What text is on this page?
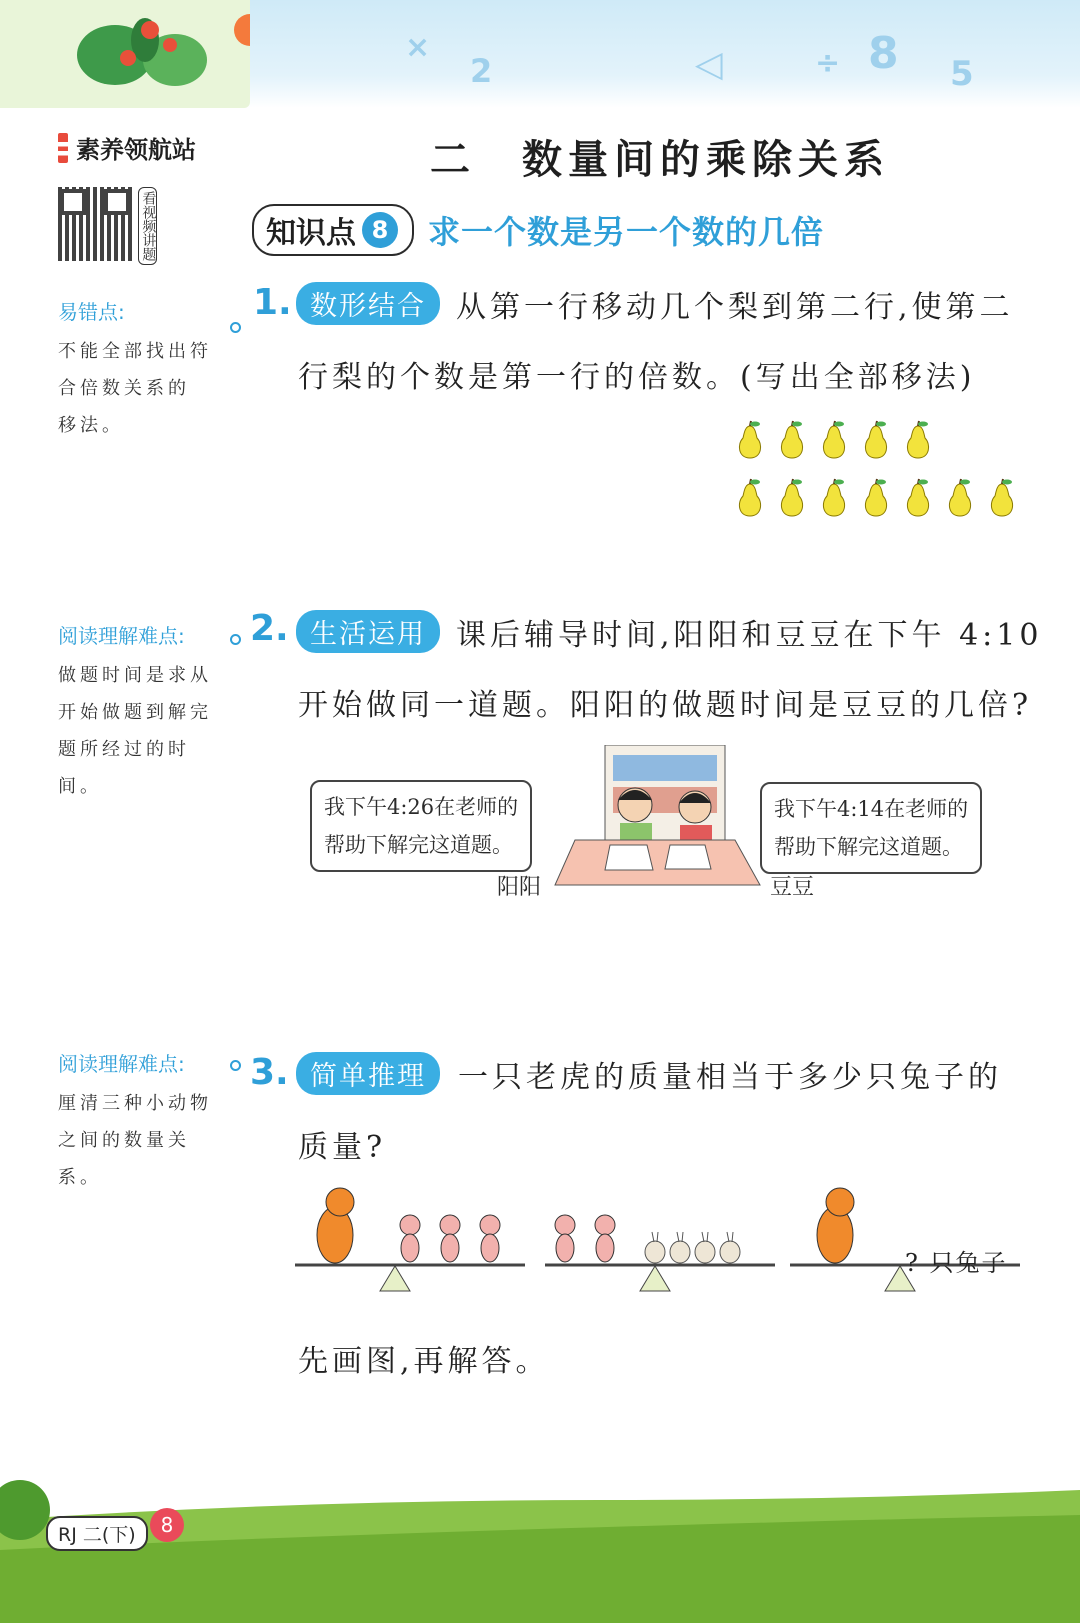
×
2	◁	÷ 8 5
素养领航站
看视频讲题
易错点:
不能全部找出符
合倍数关系的
移法。
阅读理解难点:
做题时间是求从
开始做题到解完
题所经过的时间。
阅读理解难点:
厘清三种小动物
之间的数量关
系。
二　数量间的乘除关系
知识点 8	求一个数是另一个数的几倍
1. 数形结合	从第一行移动几个梨到第二行,使第二
行梨的个数是第一行的倍数。(写出全部移法)
2. 生活运用	课后辅导时间,阳阳和豆豆在下午 4:10
开始做同一道题。阳阳的做题时间是豆豆的几倍?
我下午4:26在老师的
帮助下解完这道题。
我下午4:14在老师的
帮助下解完这道题。
阳阳	豆豆
3. 简单推理	一只老虎的质量相当于多少只兔子的
质量?
? 只兔子
先画图,再解答。
RJ 二(下)	8
